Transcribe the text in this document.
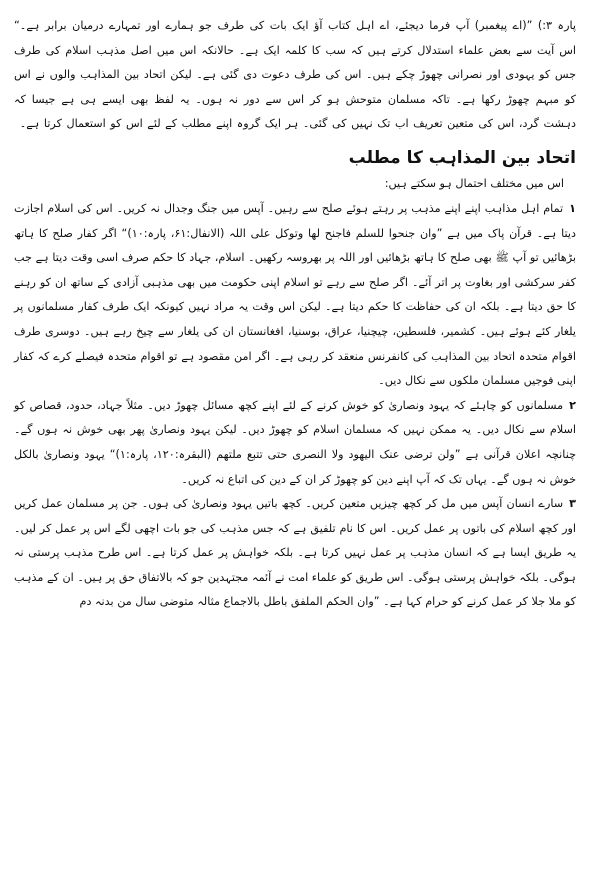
پارہ ۳:) ”(اے پیغمبر) آپ فرما دیجئے، اے اہل کتاب آؤ ایک بات کی طرف جو ہمارے اور تمہارے درمیان برابر ہے۔“ اس آیت سے بعض علماء استدلال کرتے ہیں کہ سب کا کلمہ ایک ہے۔ حالانکہ اس میں اصل مذہب اسلام کی طرف جس کو یہودی اور نصرانی چھوڑ چکے ہیں۔ اس کی طرف دعوت دی گئی ہے۔ لیکن اتحاد بین المذاہب والوں نے اس کو مبہم چھوڑ رکھا ہے۔ تاکہ مسلمان متوحش ہو کر اس سے دور نہ ہوں۔ یہ لفظ بھی ایسے ہی ہے جیسا کہ دہشت گرد، اس کی متعین تعریف اب تک نہیں کی گئی۔ ہر ایک گروہ اپنے مطلب کے لئے اس کو استعمال کرتا ہے۔

اتحاد بین المذاہب کا مطلب

اس میں مختلف احتمال ہو سکتے ہیں:

۱تمام اہل مذاہب اپنے اپنے مذہب پر رہتے ہوئے صلح سے رہیں۔ آپس میں جنگ وجدال نہ کریں۔ اس کی اسلام اجازت دیتا ہے۔ قرآن پاک میں ہے ”وان جنحوا للسلم فاجنح لھا وتوکل علی اللہ (الانفال:۶۱، پارہ:۱۰)“ اگر کفار صلح کا ہاتھ بڑھائیں تو آپ ﷺ بھی صلح کا ہاتھ بڑھائیں اور اللہ پر بھروسہ رکھیں۔ اسلام، جہاد کا حکم صرف اسی وقت دیتا ہے جب کفر سرکشی اور بغاوت پر اتر آئے۔ اگر صلح سے رہے تو اسلام اپنی حکومت میں بھی مذہبی آزادی کے ساتھ ان کو رہنے کا حق دیتا ہے۔ بلکہ ان کی حفاظت کا حکم دیتا ہے۔ لیکن اس وقت یہ مراد نہیں کیونکہ ایک طرف کفار مسلمانوں پر یلغار کئے ہوئے ہیں۔ کشمیر، فلسطین، چیچنیا، عراق، بوسنیا، افغانستان ان کی یلغار سے چیخ رہے ہیں۔ دوسری طرف اقوام متحدہ اتحاد بین المذاہب کی کانفرنس منعقد کر رہی ہے۔ اگر امن مقصود ہے تو اقوام متحدہ فیصلے کرے کہ کفار اپنی فوجیں مسلمان ملکوں سے نکال دیں۔

۲مسلمانوں کو چاہئے کہ یہود ونصاریٰ کو خوش کرنے کے لئے اپنے کچھ مسائل چھوڑ دیں۔ مثلاً جہاد، حدود، قصاص کو اسلام سے نکال دیں۔ یہ ممکن نہیں کہ مسلمان اسلام کو چھوڑ دیں۔ لیکن یہود ونصاریٰ پھر بھی خوش نہ ہوں گے۔ چنانچہ اعلان قرآنی ہے ”ولن ترضی عنک الیھود ولا النصری حتی تتبع ملتھم (البقرہ:۱۲۰، پارہ:۱)“ یہود ونصاریٰ بالکل خوش نہ ہوں گے۔ یہاں تک کہ آپ اپنے دین کو چھوڑ کر ان کے دین کی اتباع نہ کریں۔

۳سارے انسان آپس میں مل کر کچھ چیزیں متعین کریں۔ کچھ باتیں یہود ونصاریٰ کی ہوں۔ جن پر مسلمان عمل کریں اور کچھ اسلام کی باتوں پر عمل کریں۔ اس کا نام تلفیق ہے کہ جس مذہب کی جو بات اچھی لگے اس پر عمل کر لیں۔ یہ طریق ایسا ہے کہ انسان مذہب پر عمل نہیں کرتا ہے۔ بلکہ خواہش پر عمل کرتا ہے۔ اس طرح مذہب پرستی نہ ہوگی۔ بلکہ خواہش پرستی ہوگی۔ اس طریق کو علماء امت نے آئمہ مجتہدین جو کہ بالاتفاق حق پر ہیں۔ ان کے مذہب کو ملا جلا کر عمل کرنے کو حرام کہا ہے۔ ”وان الحکم الملفق باطل بالاجماع مثالہ متوضی سال من بدنہ دم
